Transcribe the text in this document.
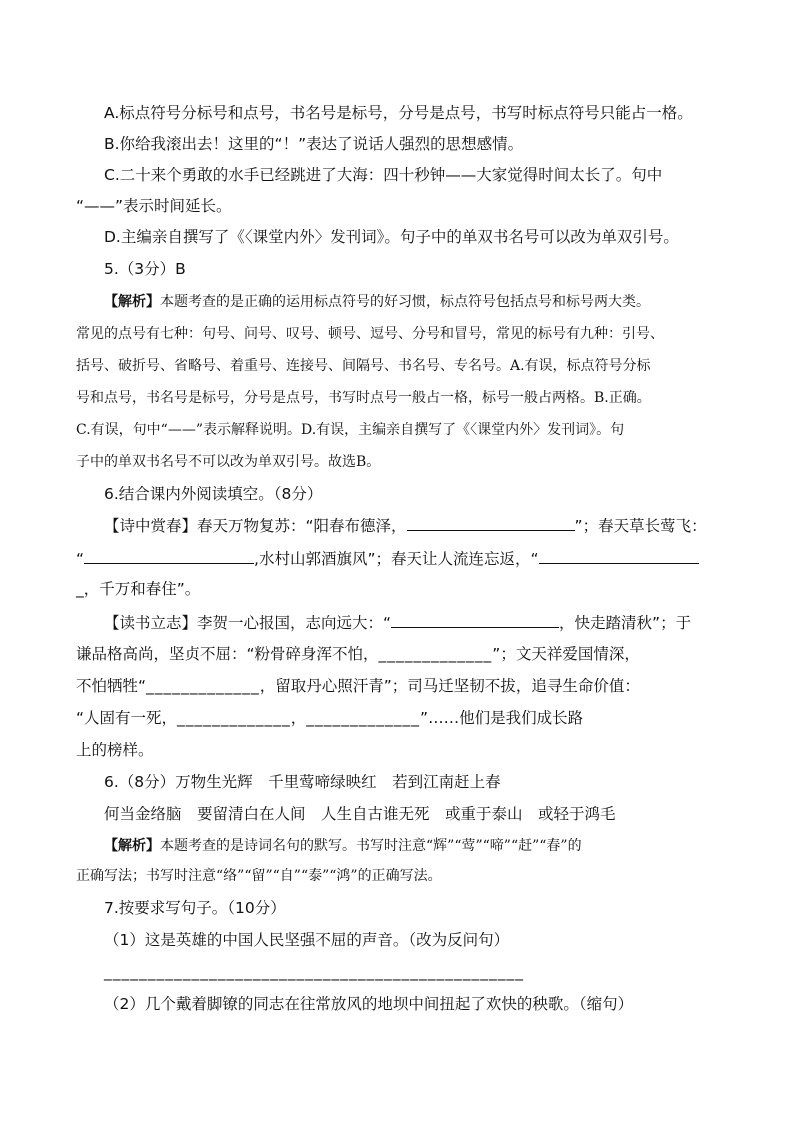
A.标点符号分标号和点号，书名号是标号，分号是点号，书写时标点符号只能占一格。
B.你给我滚出去！这里的“！”表达了说话人强烈的思想感情。
C.二十来个勇敢的水手已经跳进了大海：四十秒钟——大家觉得时间太长了。句中
“——”表示时间延长。
D.主编亲自撰写了《〈课堂内外〉发刊词》。句子中的单双书名号可以改为单双引号。
5.（3分）B
【解析】本题考查的是正确的运用标点符号的好习惯，标点符号包括点号和标号两大类。
常见的点号有七种：句号、问号、叹号、顿号、逗号、分号和冒号，常见的标号有九种：引号、
括号、破折号、省略号、着重号、连接号、间隔号、书名号、专名号。A.有误，标点符号分标
号和点号，书名号是标号，分号是点号，书写时点号一般占一格，标号一般占两格。B.正确。
C.有误，句中“——”表示解释说明。D.有误，主编亲自撰写了《〈课堂内外〉发刊词》。句
子中的单双书名号不可以改为单双引号。故选B。
6.结合课内外阅读填空。（8分）
【诗中赏春】春天万物复苏：“阳春布德泽，	”；春天草长莺飞：
“	,水村山郭酒旗风”；春天让人流连忘返，“
_，千万和春住”。
【读书立志】李贺一心报国，志向远大：“	，快走踏清秋”；于
谦品格高尚，坚贞不屈：“粉骨碎身浑不怕，_____________”；文天祥爱国情深，
不怕牺牲“_____________，留取丹心照汗青”；司马迁坚韧不拔，追寻生命价值：
“人固有一死，_____________，_____________”……他们是我们成长路
上的榜样。
6.（8分）万物生光辉　千里莺啼绿映红　若到江南赶上春
何当金络脑　要留清白在人间　人生自古谁无死　或重于泰山　或轻于鸿毛
【解析】本题考查的是诗词名句的默写。书写时注意“辉”“莺”“啼”“赶”“春”的
正确写法；书写时注意“络”“留”“自”“泰”“鸿”的正确写法。
7.按要求写句子。（10分）
（1）这是英雄的中国人民坚强不屈的声音。（改为反问句）
________________________________________________
（2）几个戴着脚镣的同志在往常放风的地坝中间扭起了欢快的秧歌。（缩句）
